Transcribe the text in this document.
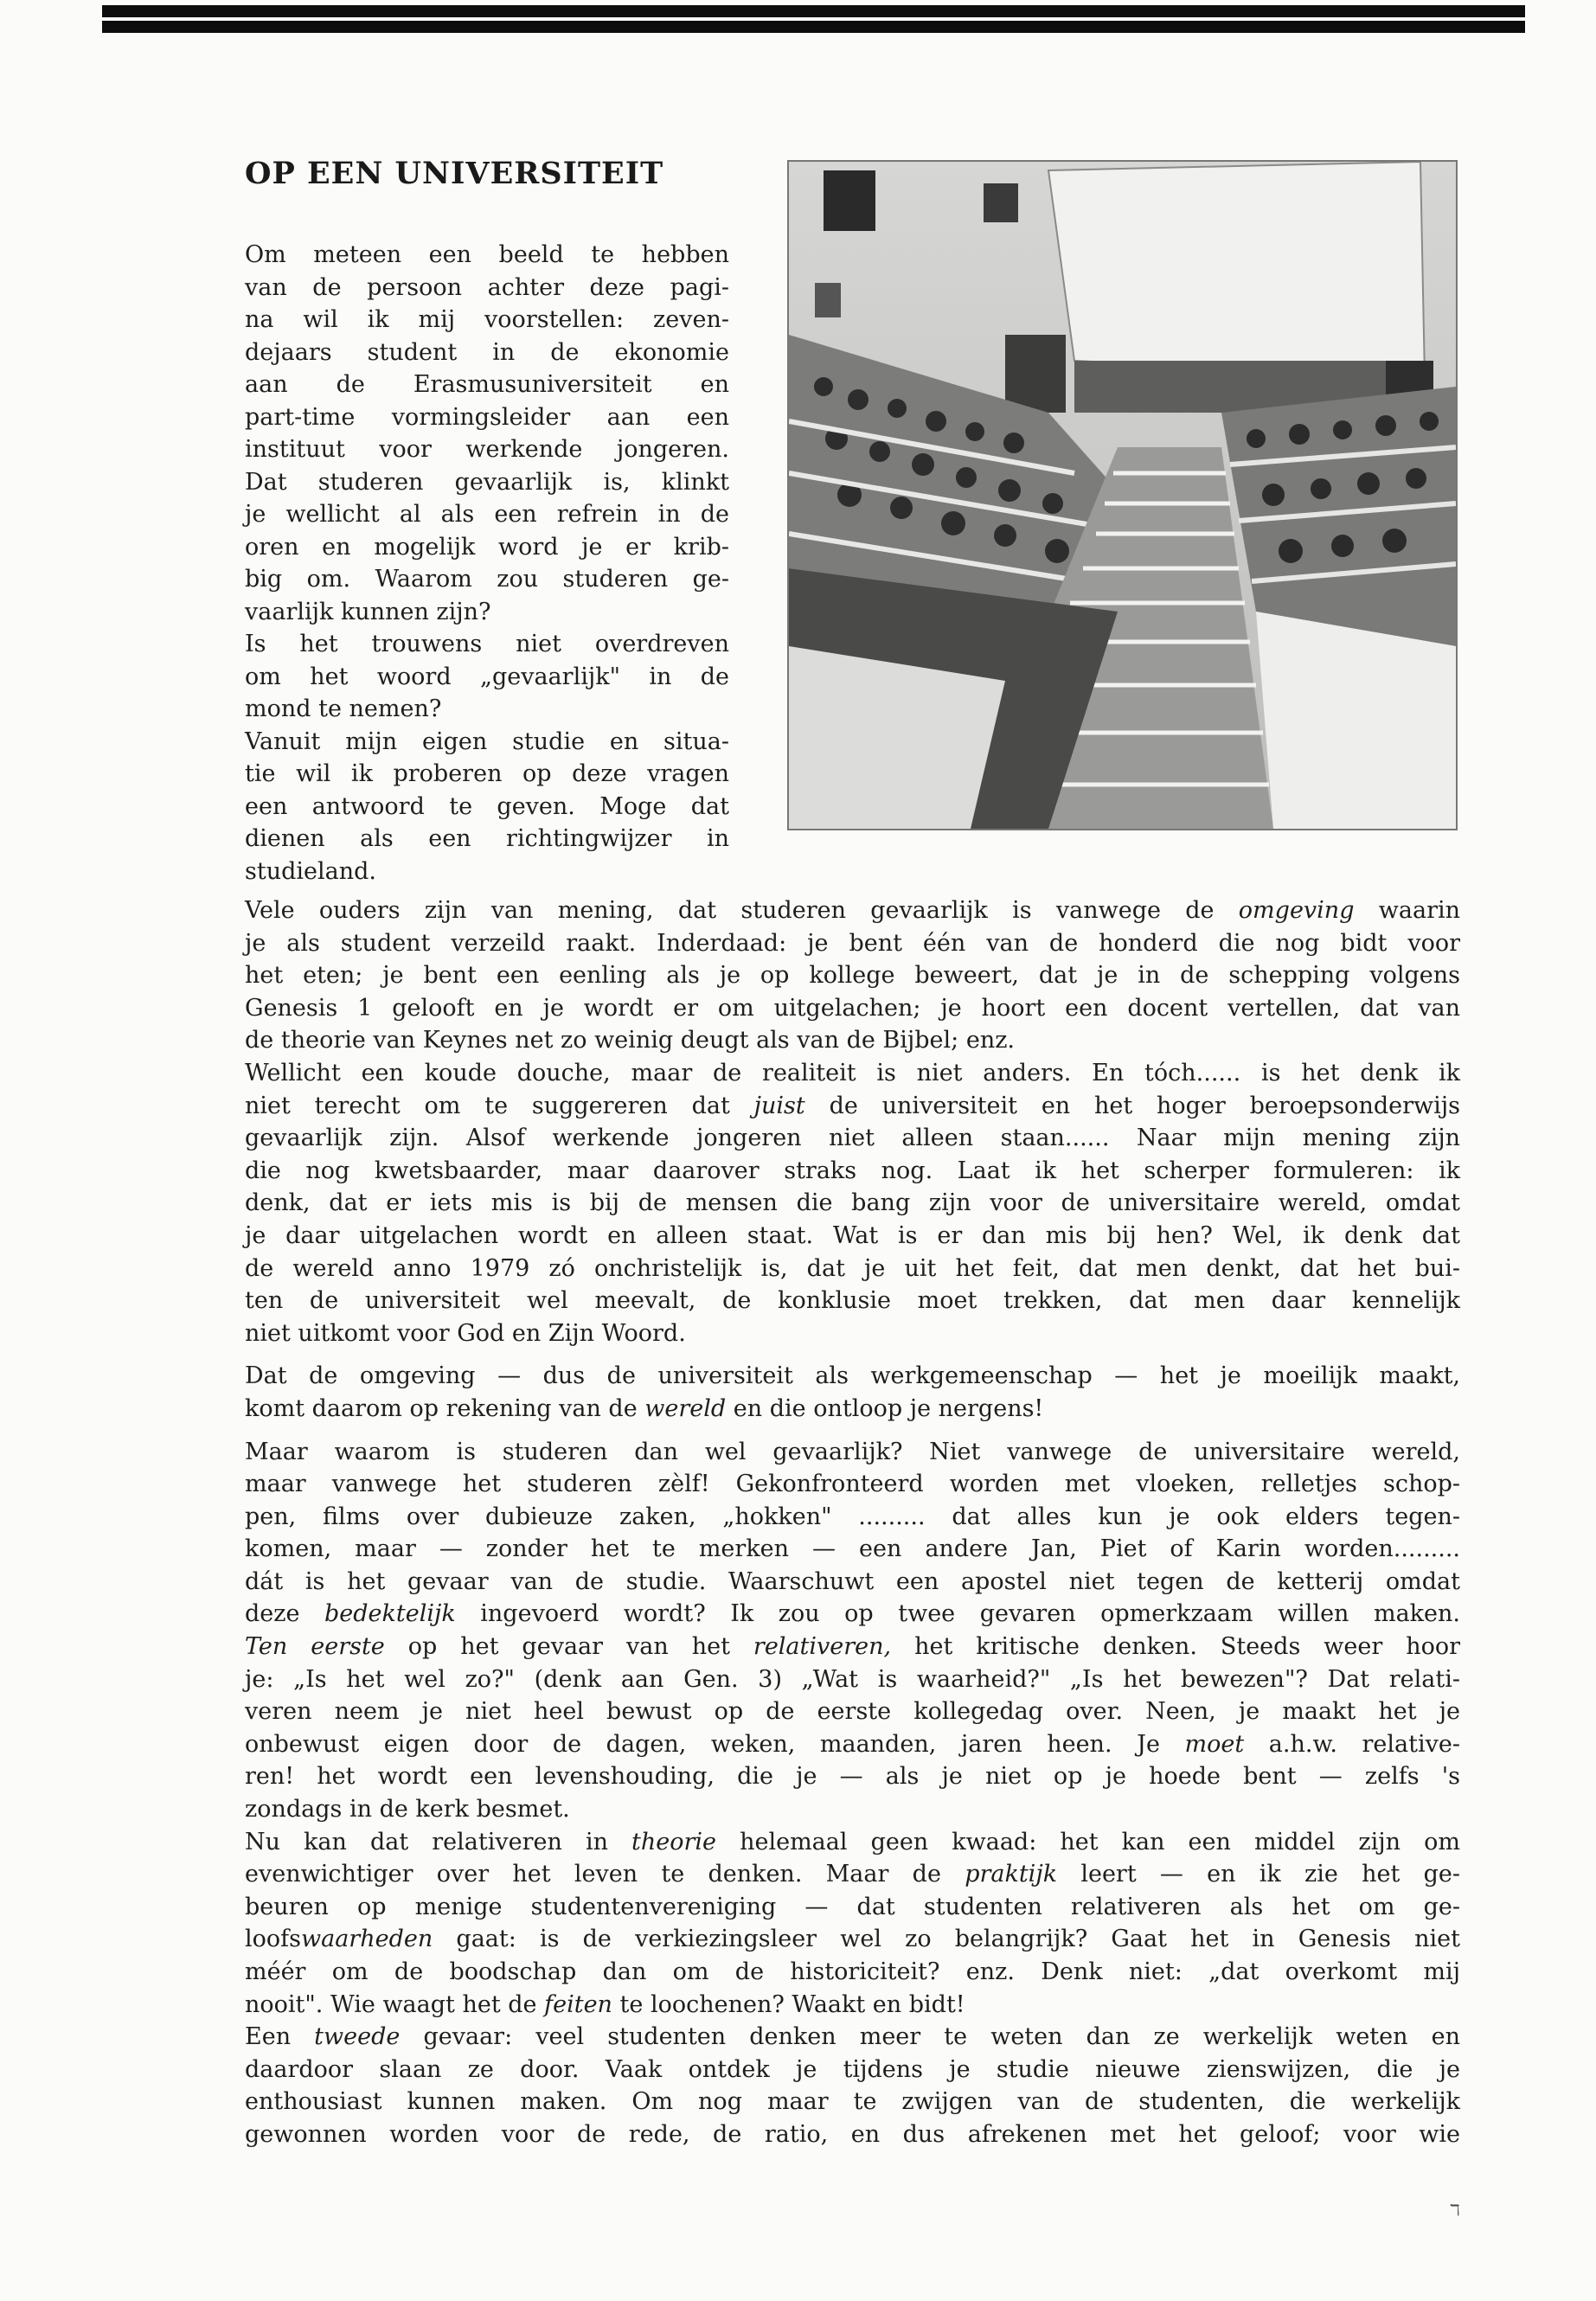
OP EEN UNIVERSITEIT
Om meteen een beeld te hebben
van de persoon achter deze pagi-
na wil ik mij voorstellen: zeven-
dejaars student in de ekonomie
aan de Erasmusuniversiteit en
part-time vormingsleider aan een
instituut voor werkende jongeren.
Dat studeren gevaarlijk is, klinkt
je wellicht al als een refrein in de
oren en mogelijk word je er krib-
big om. Waarom zou studeren ge-
vaarlijk kunnen zijn?
Is het trouwens niet overdreven
om het woord „gevaarlijk" in de
mond te nemen?
Vanuit mijn eigen studie en situa-
tie wil ik proberen op deze vragen
een antwoord te geven. Moge dat
dienen als een richtingwijzer in
studieland.
Vele ouders zijn van mening, dat studeren gevaarlijk is vanwege de omgeving waarin
je als student verzeild raakt. Inderdaad: je bent één van de honderd die nog bidt voor
het eten; je bent een eenling als je op kollege beweert, dat je in de schepping volgens
Genesis 1 gelooft en je wordt er om uitgelachen; je hoort een docent vertellen, dat van
de theorie van Keynes net zo weinig deugt als van de Bijbel; enz.
Wellicht een koude douche, maar de realiteit is niet anders. En tóch...... is het denk ik
niet terecht om te suggereren dat juist de universiteit en het hoger beroepsonderwijs
gevaarlijk zijn. Alsof werkende jongeren niet alleen staan...... Naar mijn mening zijn
die nog kwetsbaarder, maar daarover straks nog. Laat ik het scherper formuleren: ik
denk, dat er iets mis is bij de mensen die bang zijn voor de universitaire wereld, omdat
je daar uitgelachen wordt en alleen staat. Wat is er dan mis bij hen? Wel, ik denk dat
de wereld anno 1979 zó onchristelijk is, dat je uit het feit, dat men denkt, dat het bui-
ten de universiteit wel meevalt, de konklusie moet trekken, dat men daar kennelijk
niet uitkomt voor God en Zijn Woord.
Dat de omgeving — dus de universiteit als werkgemeenschap — het je moeilijk maakt,
komt daarom op rekening van de wereld en die ontloop je nergens!
Maar waarom is studeren dan wel gevaarlijk? Niet vanwege de universitaire wereld,
maar vanwege het studeren zèlf! Gekonfronteerd worden met vloeken, relletjes schop-
pen, films over dubieuze zaken, „hokken" ......... dat alles kun je ook elders tegen-
komen, maar — zonder het te merken — een andere Jan, Piet of Karin worden.........
dát is het gevaar van de studie. Waarschuwt een apostel niet tegen de ketterij omdat
deze bedektelijk ingevoerd wordt? Ik zou op twee gevaren opmerkzaam willen maken.
Ten eerste op het gevaar van het relativeren, het kritische denken. Steeds weer hoor
je: „Is het wel zo?" (denk aan Gen. 3) „Wat is waarheid?" „Is het bewezen"? Dat relati-
veren neem je niet heel bewust op de eerste kollegedag over. Neen, je maakt het je
onbewust eigen door de dagen, weken, maanden, jaren heen. Je moet a.h.w. relative-
ren! het wordt een levenshouding, die je — als je niet op je hoede bent — zelfs 's
zondags in de kerk besmet.
Nu kan dat relativeren in theorie helemaal geen kwaad: het kan een middel zijn om
evenwichtiger over het leven te denken. Maar de praktijk leert — en ik zie het ge-
beuren op menige studentenvereniging — dat studenten relativeren als het om ge-
loofswaarheden gaat: is de verkiezingsleer wel zo belangrijk? Gaat het in Genesis niet
méér om de boodschap dan om de historiciteit? enz. Denk niet: „dat overkomt mij
nooit". Wie waagt het de feiten te loochenen? Waakt en bidt!
Een tweede gevaar: veel studenten denken meer te weten dan ze werkelijk weten en
daardoor slaan ze door. Vaak ontdek je tijdens je studie nieuwe zienswijzen, die je
enthousiast kunnen maken. Om nog maar te zwijgen van de studenten, die werkelijk
gewonnen worden voor de rede, de ratio, en dus afrekenen met het geloof; voor wie
ℸ
